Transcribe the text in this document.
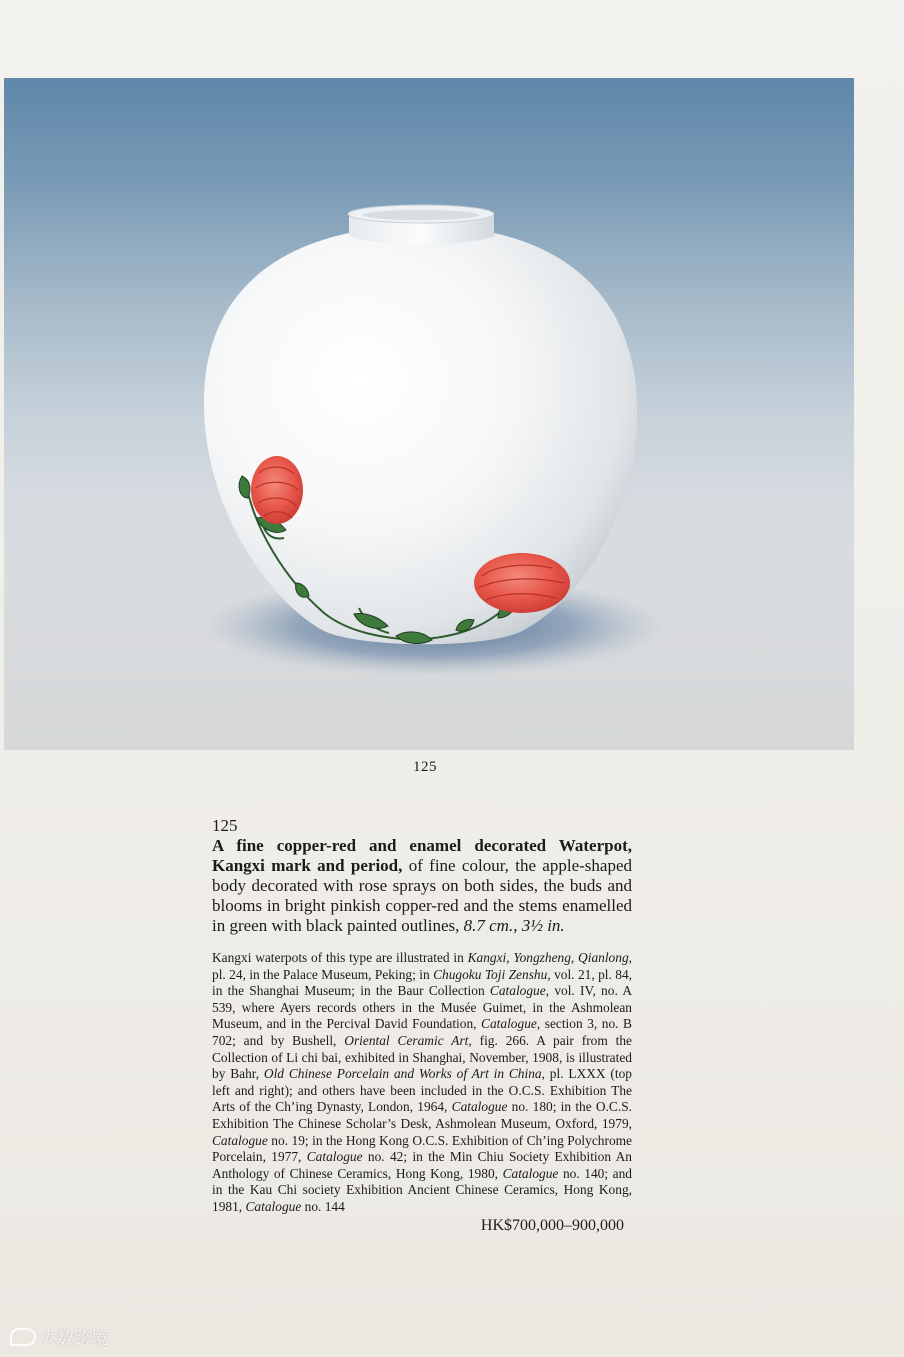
125
125

A fine copper-red and enamel decorated Waterpot, Kangxi mark and period, of fine colour, the apple-shaped body decorated with rose sprays on both sides, the buds and blooms in bright pinkish copper-red and the stems enamelled in green with black painted outlines, 8.7 cm., 3½ in.

Kangxi waterpots of this type are illustrated in Kangxi, Yongzheng, Qianlong, pl. 24, in the Palace Museum, Peking; in Chugoku Toji Zenshu, vol. 21, pl. 84, in the Shanghai Museum; in the Baur Collection Catalogue, vol. IV, no. A 539, where Ayers records others in the Musée Guimet, in the Ashmolean Museum, and in the Percival David Foundation, Catalogue, section 3, no. B 702; and by Bushell, Oriental Ceramic Art, fig. 266. A pair from the Collection of Li chi bai, exhibited in Shanghai, November, 1908, is illustrated by Bahr, Old Chinese Porcelain and Works of Art in China, pl. LXXX (top left and right); and others have been included in the O.C.S. Exhibition The Arts of the Ch’ing Dynasty, London, 1964, Catalogue no. 180; in the O.C.S. Exhibition The Chinese Scholar’s Desk, Ashmolean Museum, Oxford, 1979, Catalogue no. 19; in the Hong Kong O.C.S. Exhibition of Ch’ing Polychrome Porcelain, 1977, Catalogue no. 42; in the Min Chiu Society Exhibition An Anthology of Chinese Ceramics, Hong Kong, 1980, Catalogue no. 140; and in the Kau Chi society Exhibition Ancient Chinese Ceramics, Hong Kong, 1981, Catalogue no. 144
HK$700,000–900,000
大数跨境
